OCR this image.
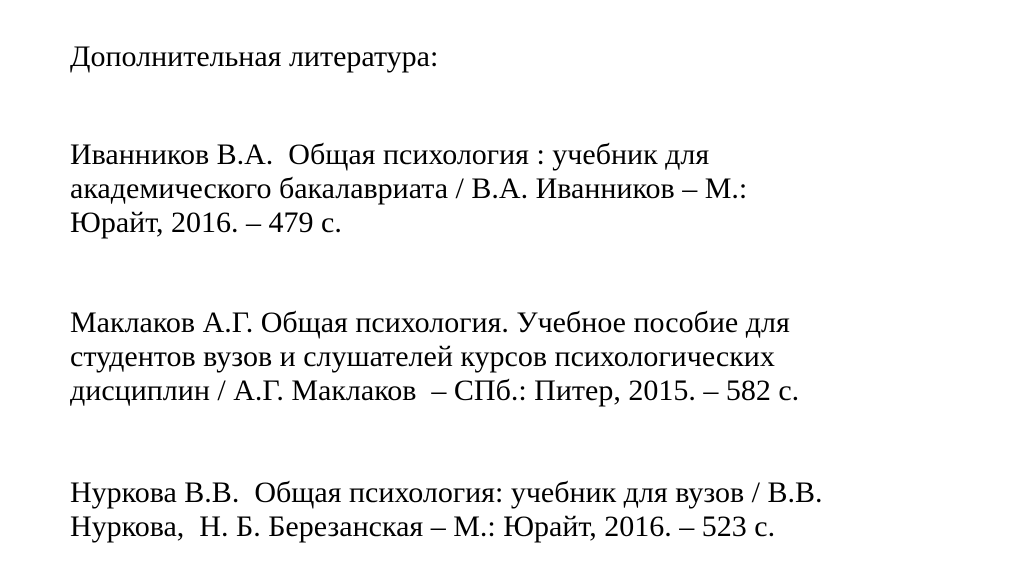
Дополнительная литература:
Иванников В.А.  Общая психология : учебник для
академического бакалавриата / В.А. Иванников – М.:
Юрайт, 2016. – 479 с.
Маклаков А.Г. Общая психология. Учебное пособие для
студентов вузов и слушателей курсов психологических
дисциплин / А.Г. Маклаков  – СПб.: Питер, 2015. – 582 с.
Нуркова В.В.  Общая психология: учебник для вузов / В.В.
Нуркова,  Н. Б. Березанская – М.: Юрайт, 2016. – 523 с.
